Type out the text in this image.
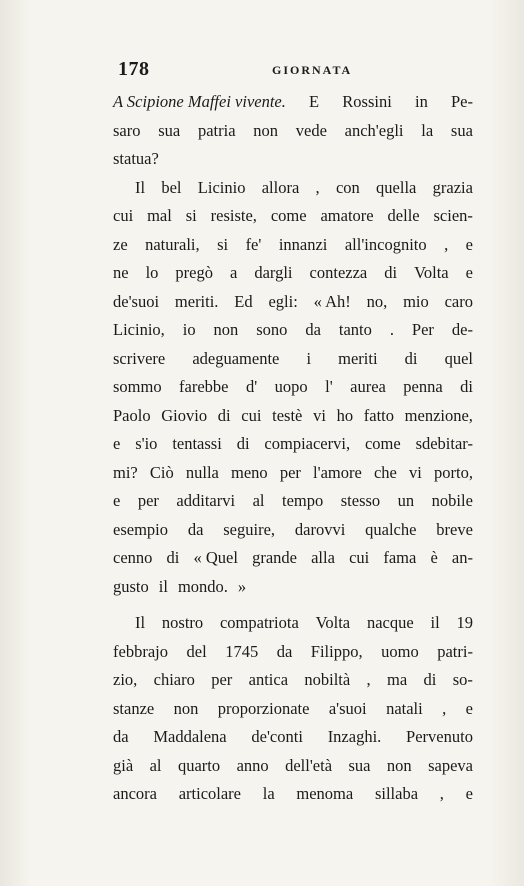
178	GIORNATA
A Scipione Maffei vivente. E Rossini in Pe-
saro sua patria non vede anch'egli la sua
statua?
Il bel Licinio allora , con quella grazia
cui mal si resiste, come amatore delle scien-
ze naturali, si fe' innanzi all'incognito , e
ne lo pregò a dargli contezza di Volta e
de'suoi meriti. Ed egli: « Ah! no, mio caro
Licinio, io non sono da tanto . Per de-
scrivere adeguamente i meriti di quel
sommo farebbe d' uopo l' aurea penna di
Paolo Giovio di cui testè vi ho fatto menzione,
e s'io tentassi di compiacervi, come sdebitar-
mi? Ciò nulla meno per l'amore che vi porto,
e per additarvi al tempo stesso un nobile
esempio da seguire, darovvi qualche breve
cenno di « Quel grande alla cui fama è an-
gusto il mondo. »
Il nostro compatriota Volta nacque il 19
febbrajo del 1745 da Filippo, uomo patri-
zio, chiaro per antica nobiltà , ma di so-
stanze non proporzionate a'suoi natali , e
da Maddalena de'conti Inzaghi. Pervenuto
già al quarto anno dell'età sua non sapeva
ancora articolare la menoma sillaba , e
